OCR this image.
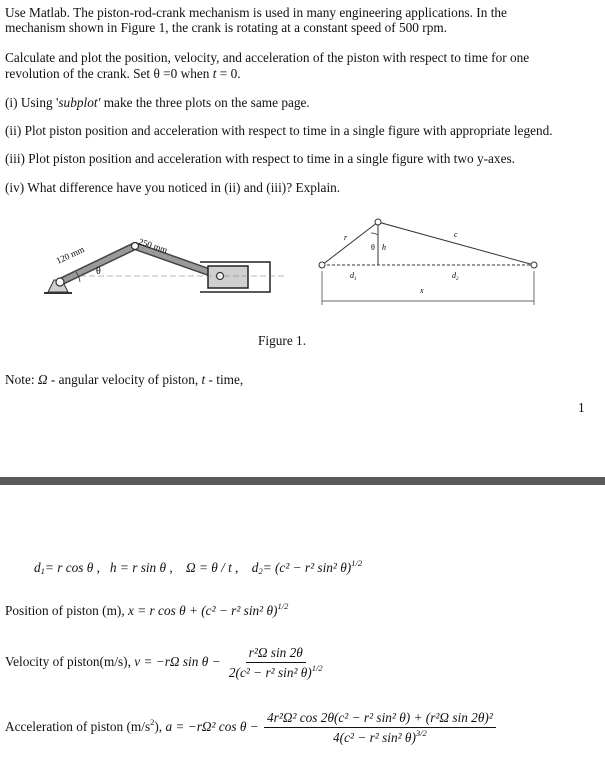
Use Matlab. The piston-rod-crank mechanism is used in many engineering applications. In the
mechanism shown in Figure 1, the crank is rotating at a constant speed of 500 rpm.
Calculate and plot the position, velocity, and acceleration of the piston with respect to time for one
revolution of the crank. Set θ =0 when t = 0.
(i) Using 'subplot' make the three plots on the same page.
(ii) Plot piston position and acceleration with respect to time in a single figure with appropriate legend.
(iii) Plot piston position and acceleration with respect to time in a single figure with two y-axes.
(iv) What difference have you noticed in (ii) and (iii)? Explain.
θ
120 mm	250 mm	r	c
θ h
$d_1$	$d_2$
x
Figure 1.
Note: Ω - angular velocity of piston, t - time,
1
$d_1= r$ cos θ , h = r sin θ , Ω = θ / t , $d_2= (c^2 - r^2$ sin² θ)$^{1/2}$
Position of piston (m), x = r cos θ + (c² − r² sin² θ)$^{1/2}$
Velocity of piston(m/s), v = −rΩ $\sin \theta - \frac{\text{r²Ω sin 2θ}}{2(c^2 - r^2 \sin^2 \theta)^{1/2}}$
Acceleration of piston $(m/s^2)$, a = −rΩ² $\cos \theta - \frac{\text{4r²Ω² cos 2θ(c² − r² sin² θ) + (r²Ω sin 2θ)²}}{4(c^2 - r^2 \sin^2 \theta)^{3/2}}$
